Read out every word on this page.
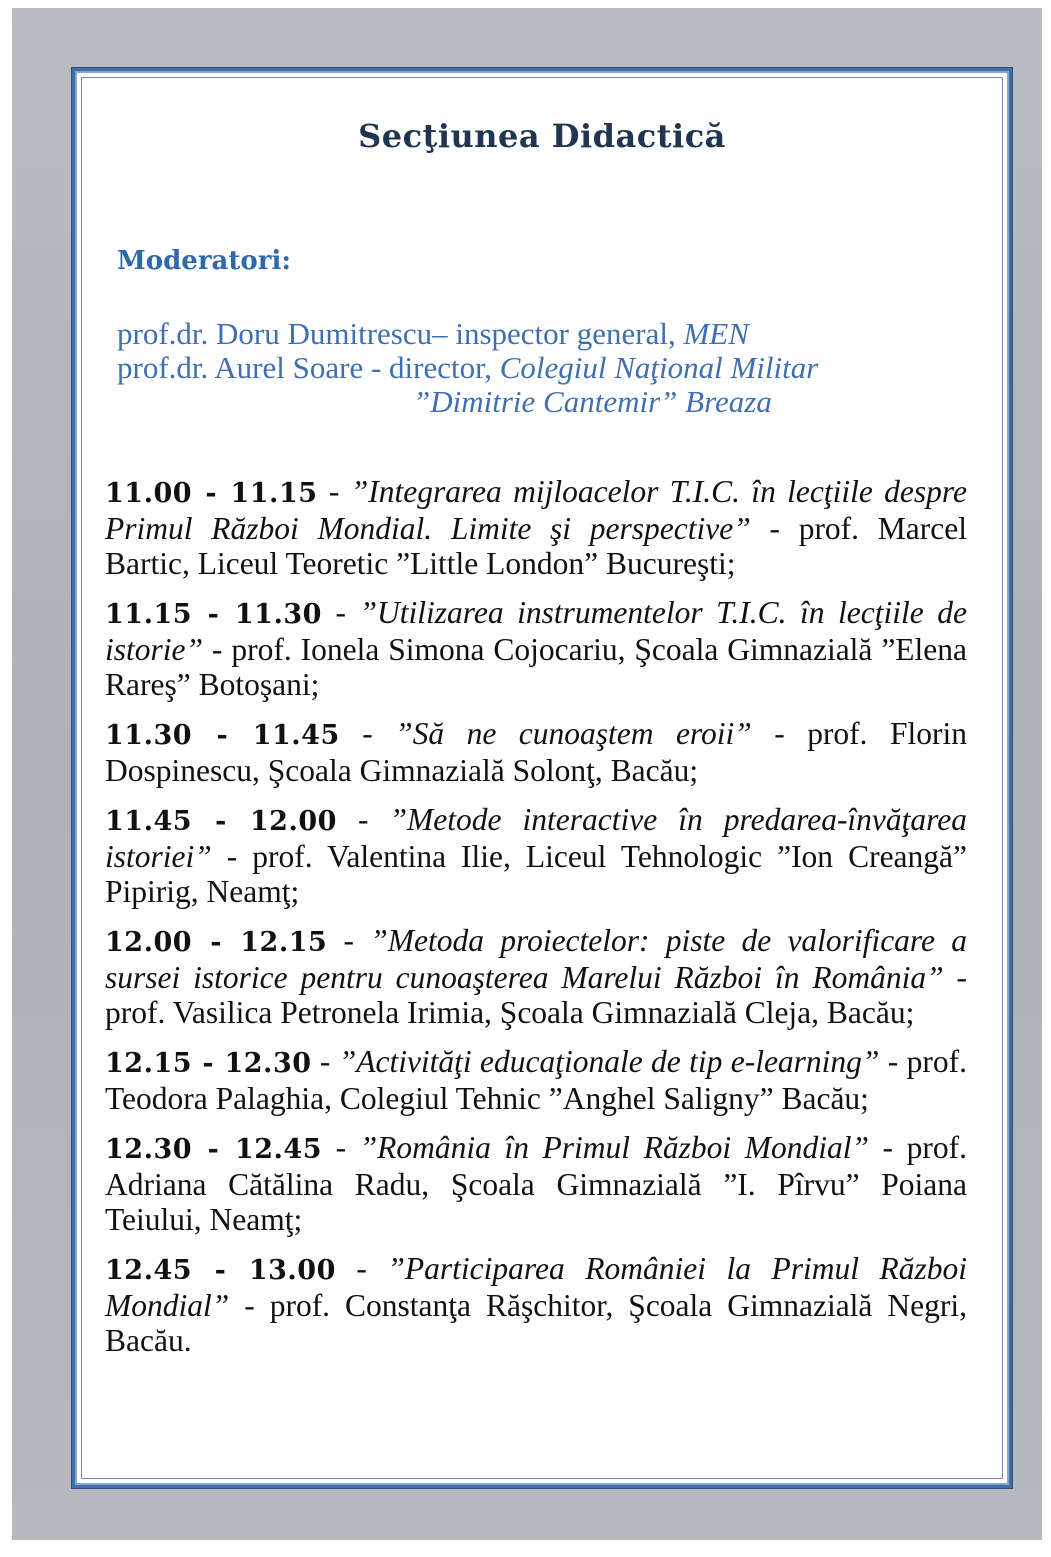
Secţiunea Didactică
Moderatori:
prof.dr. Doru Dumitrescu– inspector general, MEN
prof.dr. Aurel Soare - director, Colegiul Naţional Militar
”Dimitrie Cantemir” Breaza
11.00 - 11.15 - ”Integrarea mijloacelor T.I.C. în lecţiile despre Primul Război Mondial. Limite şi perspective” - prof. Marcel Bartic, Liceul Teoretic ”Little London” Bucureşti;
11.15 - 11.30 - ”Utilizarea instrumentelor T.I.C. în lecţiile de istorie” - prof. Ionela Simona Cojocariu, Şcoala Gimnazială ”Elena Rareş” Botoşani;
11.30 - 11.45 - ”Să ne cunoaştem eroii” - prof. Florin Dospinescu, Şcoala Gimnazială Solonţ, Bacău;
11.45 - 12.00 - ”Metode interactive în predarea-învăţarea istoriei” - prof. Valentina Ilie, Liceul Tehnologic ”Ion Creangă” Pipirig, Neamţ;
12.00 - 12.15 - ”Metoda proiectelor: piste de valorificare a sursei istorice pentru cunoaşterea Marelui Război în România” - prof. Vasilica Petronela Irimia, Şcoala Gimnazială Cleja, Bacău;
12.15 - 12.30 - ”Activităţi educaţionale de tip e-learning” - prof. Teodora Palaghia, Colegiul Tehnic ”Anghel Saligny” Bacău;
12.30 - 12.45 - ”România în Primul Război Mondial” - prof. Adriana Cătălina Radu, Şcoala Gimnazială ”I. Pîrvu” Poiana Teiului, Neamţ;
12.45 - 13.00 - ”Participarea României la Primul Război Mondial” - prof. Constanţa Răşchitor, Şcoala Gimnazială Negri, Bacău.
